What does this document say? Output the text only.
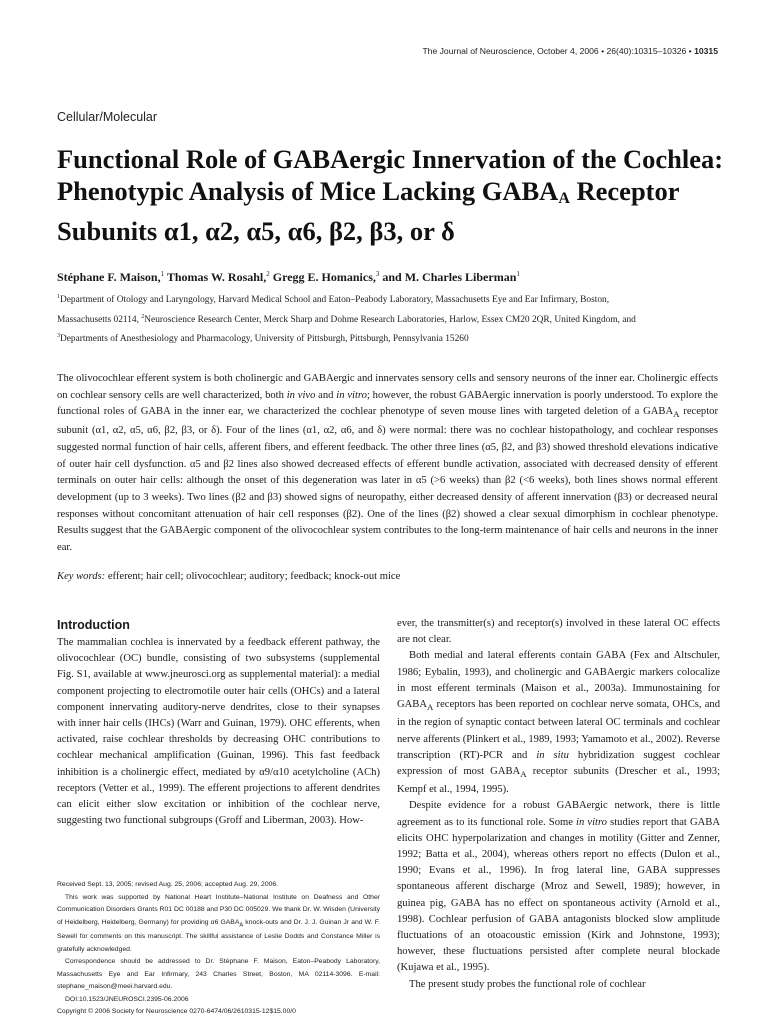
The Journal of Neuroscience, October 4, 2006 • 26(40):10315–10326 • 10315
Cellular/Molecular
Functional Role of GABAergic Innervation of the Cochlea:
Phenotypic Analysis of Mice Lacking $GABA_A$ Receptor
Subunits α1, α2, α5, α6, β2, β3, or δ
Stéphane F. Maison,$^1$ Thomas W. Rosahl,$^2$ Gregg E. Homanics,$^3$ and M. Charles Liberman$^1$
$^1$Department of Otology and Laryngology, Harvard Medical School and Eaton–Peabody Laboratory, Massachusetts Eye and Ear Infirmary, Boston,
Massachusetts 02114, $^2$Neuroscience Research Center, Merck Sharp and Dohme Research Laboratories, Harlow, Essex CM20 2QR, United Kingdom, and
$^3$Departments of Anesthesiology and Pharmacology, University of Pittsburgh, Pittsburgh, Pennsylvania 15260

The olivocochlear efferent system is both cholinergic and GABAergic and innervates sensory cells and sensory neurons of the inner ear. Cholinergic effects on cochlear sensory cells are well characterized, both in vivo and in vitro; however, the robust GABAergic innervation is poorly understood. To explore the functional roles of GABA in the inner ear, we characterized the cochlear phenotype of seven mouse lines with targeted deletion of a $GABA_A$ receptor subunit (α1, α2, α5, α6, β2, β3, or δ). Four of the lines (α1, α2, α6, and δ) were normal: there was no cochlear histopathology, and cochlear responses suggested normal function of hair cells, afferent fibers, and efferent feedback. The other three lines (α5, β2, and β3) showed threshold elevations indicative of outer hair cell dysfunction. α5 and β2 lines also showed decreased effects of efferent bundle activation, associated with decreased density of efferent terminals on outer hair cells: although the onset of this degeneration was later in α5 (>6 weeks) than β2 (<6 weeks), both lines shows normal efferent development (up to 3 weeks). Two lines (β2 and β3) showed signs of neuropathy, either decreased density of afferent innervation (β3) or decreased neural responses without concomitant attenuation of hair cell responses (β2). One of the lines (β2) showed a clear sexual dimorphism in cochlear phenotype. Results suggest that the GABAergic component of the olivocochlear system contributes to the long-term maintenance of hair cells and neurons in the inner ear.

Key words: efferent; hair cell; olivocochlear; auditory; feedback; knock-out mice
Introduction

The mammalian cochlea is innervated by a feedback efferent pathway, the olivocochlear (OC) bundle, consisting of two subsystems (supplemental Fig. S1, available at www.jneurosci.org as supplemental material): a medial component projecting to electromotile outer hair cells (OHCs) and a lateral component innervating auditory-nerve dendrites, close to their synapses with inner hair cells (IHCs) (Warr and Guinan, 1979). OHC efferents, when activated, raise cochlear thresholds by decreasing OHC contributions to cochlear mechanical amplification (Guinan, 1996). This fast feedback inhibition is a cholinergic effect, mediated by α9/α10 acetylcholine (ACh) receptors (Vetter et al., 1999). The efferent projections to afferent dendrites can elicit either slow excitation or inhibition of the cochlear nerve, suggesting two functional subgroups (Groff and Liberman, 2003). How-

Received Sept. 13, 2005; revised Aug. 25, 2006; accepted Aug. 29, 2006.

This work was supported by National Heart Institute–National Institute on Deafness and Other Communication Disorders Grants R01 DC 00188 and P30 DC 005029. We thank Dr. W. Wisden (University of Heidelberg, Heidelberg, Germany) for providing α6 $GABA_A$ knock-outs and Dr. J. J. Guinan Jr and W. F. Sewell for comments on this manuscript. The skillful assistance of Leslie Dodds and Constance Miller is gratefully acknowledged.

Correspondence should be addressed to Dr. Stéphane F. Maison, Eaton–Peabody Laboratory, Massachusetts Eye and Ear Infirmary, 243 Charles Street, Boston, MA 02114-3096. E-mail: stephane_maison@meei.harvard.edu.

DOI:10.1523/JNEUROSCI.2395-06.2006

Copyright © 2006 Society for Neuroscience 0270-6474/06/2610315-12$15.00/0

ever, the transmitter(s) and receptor(s) involved in these lateral OC effects are not clear.

Both medial and lateral efferents contain GABA (Fex and Altschuler, 1986; Eybalin, 1993), and cholinergic and GABAergic markers colocalize in most efferent terminals (Maison et al., 2003a). Immunostaining for $GABA_A$ receptors has been reported on cochlear nerve somata, OHCs, and in the region of synaptic contact between lateral OC terminals and cochlear nerve afferents (Plinkert et al., 1989, 1993; Yamamoto et al., 2002). Reverse transcription (RT)-PCR and in situ hybridization suggest cochlear expression of most $GABA_A$ receptor subunits (Drescher et al., 1993; Kempf et al., 1994, 1995).

Despite evidence for a robust GABAergic network, there is little agreement as to its functional role. Some in vitro studies report that GABA elicits OHC hyperpolarization and changes in motility (Gitter and Zenner, 1992; Batta et al., 2004), whereas others report no effects (Dulon et al., 1990; Evans et al., 1996). In frog lateral line, GABA suppresses spontaneous afferent discharge (Mroz and Sewell, 1989); however, in guinea pig, GABA has no effect on spontaneous activity (Arnold et al., 1998). Cochlear perfusion of GABA antagonists blocked slow amplitude fluctuations of an otoacoustic emission (Kirk and Johnstone, 1993); however, these fluctuations persisted after complete neural blockade (Kujawa et al., 1995).

The present study probes the functional role of cochlear
